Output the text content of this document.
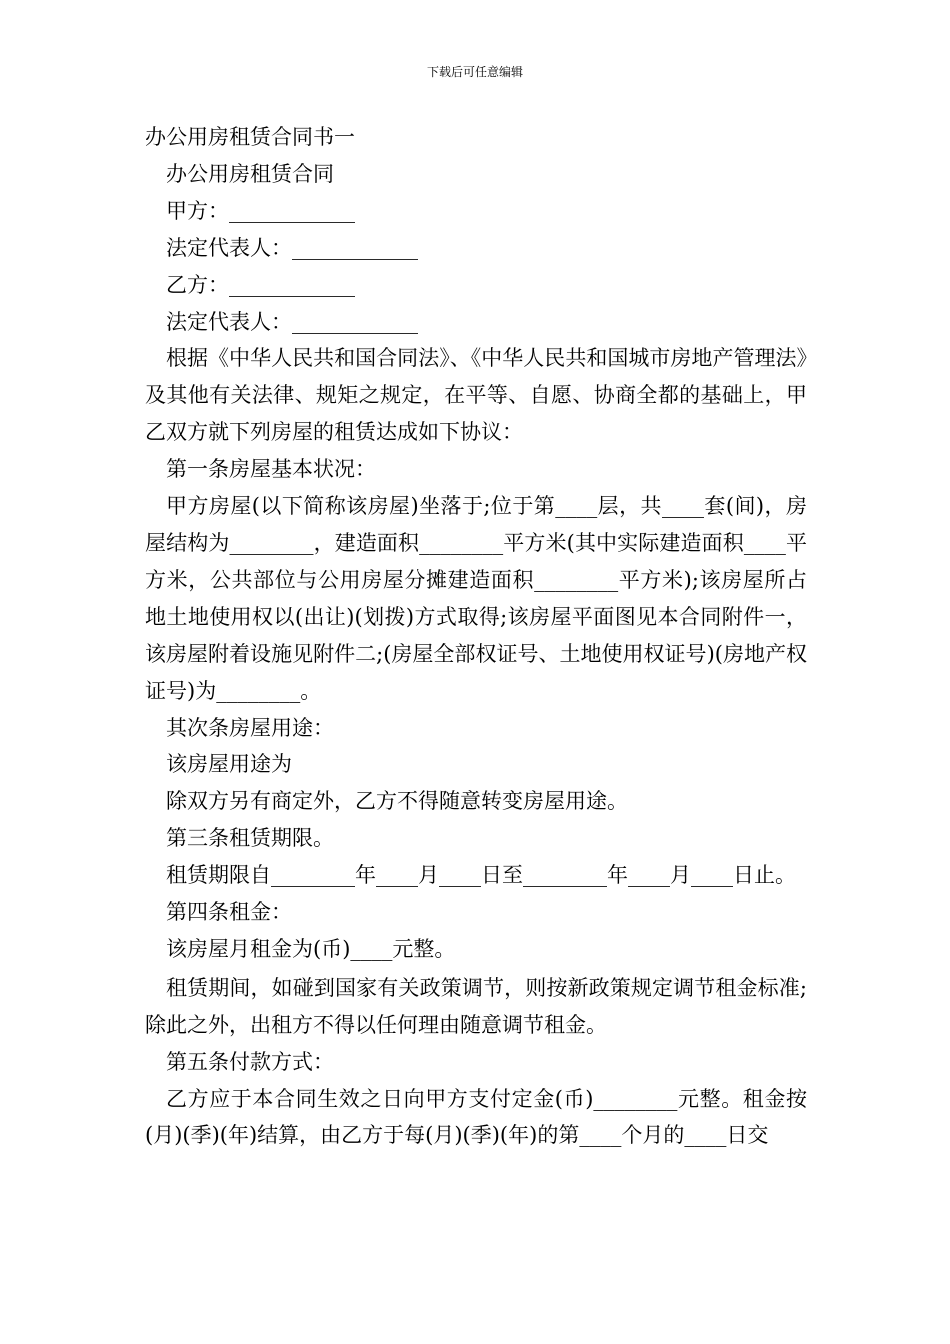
下载后可任意编辑

办公用房租赁合同书一

办公用房租赁合同

甲方：____________

法定代表人：____________

乙方：____________

法定代表人：____________

根据《中华人民共和国合同法》、《中华人民共和国城市房地产管理法》及其他有关法律、规矩之规定，在平等、自愿、协商全都的基础上，甲乙双方就下列房屋的租赁达成如下协议：

第一条房屋基本状况：

甲方房屋(以下简称该房屋)坐落于;位于第____层，共____套(间)，房屋结构为________，建造面积________平方米(其中实际建造面积____平方米，公共部位与公用房屋分摊建造面积________平方米);该房屋所占地土地使用权以(出让)(划拨)方式取得;该房屋平面图见本合同附件一，该房屋附着设施见附件二;(房屋全部权证号、土地使用权证号)(房地产权证号)为________。

其次条房屋用途：

该房屋用途为

除双方另有商定外，乙方不得随意转变房屋用途。

第三条租赁期限。

租赁期限自________年____月____日至________年____月____日止。

第四条租金：

该房屋月租金为(币)____元整。

租赁期间，如碰到国家有关政策调节，则按新政策规定调节租金标准;除此之外，出租方不得以任何理由随意调节租金。

第五条付款方式：

乙方应于本合同生效之日向甲方支付定金(币)________元整。租金按(月)(季)(年)结算，由乙方于每(月)(季)(年)的第____个月的____日交
